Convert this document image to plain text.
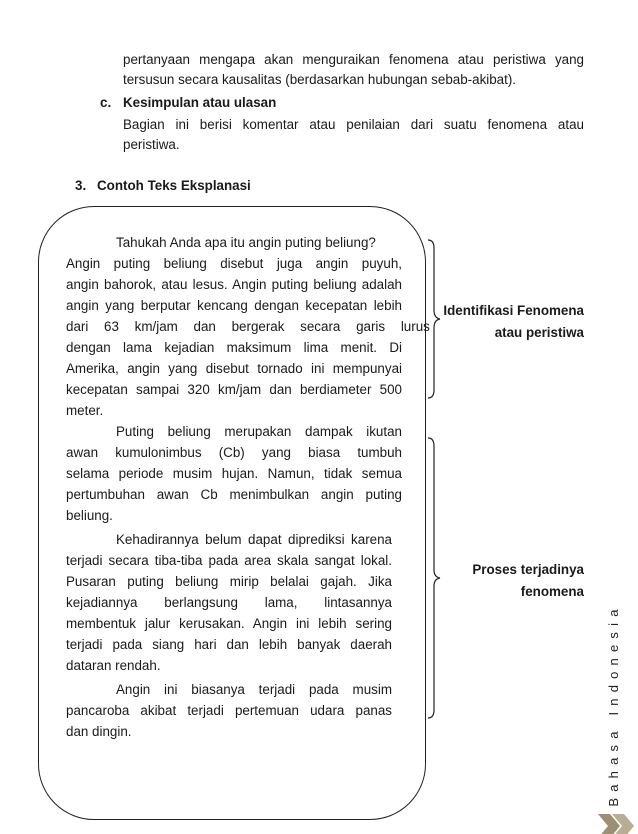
pertanyaan mengapa akan menguraikan fenomena atau peristiwa yang
tersusun secara kausalitas (berdasarkan hubungan sebab-akibat).
c. Kesimpulan atau ulasan
Bagian ini berisi komentar atau penilaian dari suatu fenomena atau
peristiwa.
3. Contoh Teks Eksplanasi
Tahukah Anda apa itu angin puting beliung?
Angin puting beliung disebut juga angin puyuh,
angin bahorok, atau lesus. Angin puting beliung adalah
angin yang berputar kencang dengan kecepatan lebih
dari 63 km/jam dan bergerak secara garis lurus
dengan lama kejadian maksimum lima menit. Di
Amerika, angin yang disebut tornado ini mempunyai
kecepatan sampai 320 km/jam dan berdiameter 500
meter.
Puting beliung merupakan dampak ikutan
awan kumulonimbus (Cb) yang biasa tumbuh
selama periode musim hujan. Namun, tidak semua
pertumbuhan awan Cb menimbulkan angin puting
beliung.
Kehadirannya belum dapat diprediksi karena
terjadi secara tiba-tiba pada area skala sangat lokal.
Pusaran puting beliung mirip belalai gajah. Jika
kejadiannya berlangsung lama, lintasannya
membentuk jalur kerusakan. Angin ini lebih sering
terjadi pada siang hari dan lebih banyak daerah
dataran rendah.
Angin ini biasanya terjadi pada musim
pancaroba akibat terjadi pertemuan udara panas
dan dingin.
Identifikasi Fenomena
atau peristiwa
Proses terjadinya
fenomena
Bahasa Indonesia
